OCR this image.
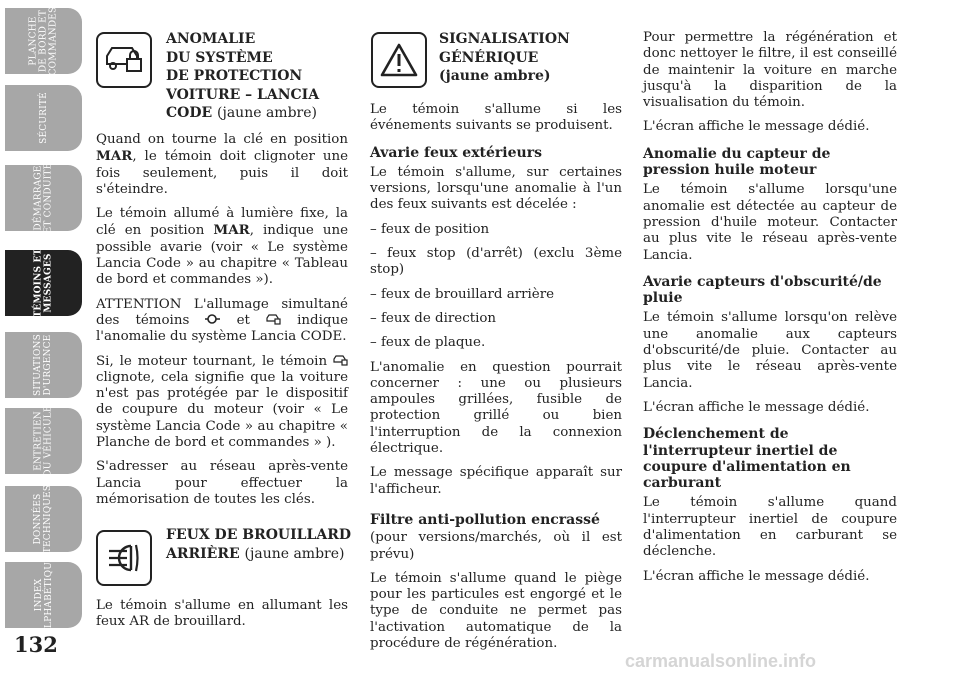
PLANCHE
DE BORD ET
COMMANDES
SÉCURITÉ
DÉMARRAGE
ET CONDUITE
TÉMOINS ET
MESSAGES
SITUATIONS
D'URGENCE
ENTRETIEN
DU VÉHICULE
DONNÉES
TECHNIQUES
INDEX
ALPHABÉTIQUE
132
ANOMALIE
DU SYSTÈME
DE PROTECTION
VOITURE – LANCIA
CODE (jaune ambre)

Quand on tourne la clé en position MAR, le témoin doit clignoter une fois seulement, puis il doit s'éteindre.

Le témoin allumé à lumière fixe, la clé en position MAR, indique une possible avarie (voir « Le système Lancia Code » au chapitre « Tableau de bord et commandes »).

ATTENTION L'allumage simultané des témoins	et	indique l'anomalie du système Lancia CODE.

Si, le moteur tournant, le témoin  clignote, cela signifie que la voiture n'est pas protégée par le dispositif de coupure du moteur (voir « Le système Lancia Code » au chapitre « Planche de bord et commandes » ).

S'adresser au réseau après-vente Lancia pour effectuer la mémorisation de toutes les clés.

FEUX DE BROUILLARD
ARRIÈRE (jaune ambre)

Le témoin s'allume en allumant les feux AR de brouillard.

SIGNALISATION
GÉNÉRIQUE
(jaune ambre)

Le témoin s'allume si les événements suivants se produisent.

Avarie feux extérieurs

Le témoin s'allume, sur certaines versions, lorsqu'une anomalie à l'un des feux suivants est décelée :

– feux de position

– feux stop (d'arrêt) (exclu 3ème stop)

– feux de brouillard arrière

– feux de direction

– feux de plaque.

L'anomalie en question pourrait concerner : une ou plusieurs ampoules grillées, fusible de protection grillé ou bien l'interruption de la connexion électrique.

Le message spécifique apparaît sur l'afficheur.

Filtre anti-pollution encrassé

(pour versions/marchés, où il est prévu)

Le témoin s'allume quand le piège pour les particules est engorgé et le type de conduite ne permet pas l'activation automatique de la procédure de régénération.

Pour permettre la régénération et donc nettoyer le filtre, il est conseillé de maintenir la voiture en marche jusqu'à la disparition de la visualisation du témoin.

L'écran affiche le message dédié.

Anomalie du capteur de pression huile moteur

Le témoin s'allume lorsqu'une anomalie est détectée au capteur de pression d'huile moteur. Contacter au plus vite le réseau après-vente Lancia.

Avarie capteurs d'obscurité/de pluie

Le témoin s'allume lorsqu'on relève une anomalie aux capteurs d'obscurité/de pluie. Contacter au plus vite le réseau après-vente Lancia.

L'écran affiche le message dédié.

Déclenchement de l'interrupteur inertiel de coupure d'alimentation en carburant

Le témoin s'allume quand l'interrupteur inertiel de coupure d'alimentation en carburant se déclenche.

L'écran affiche le message dédié.

carmanualsonline.info
